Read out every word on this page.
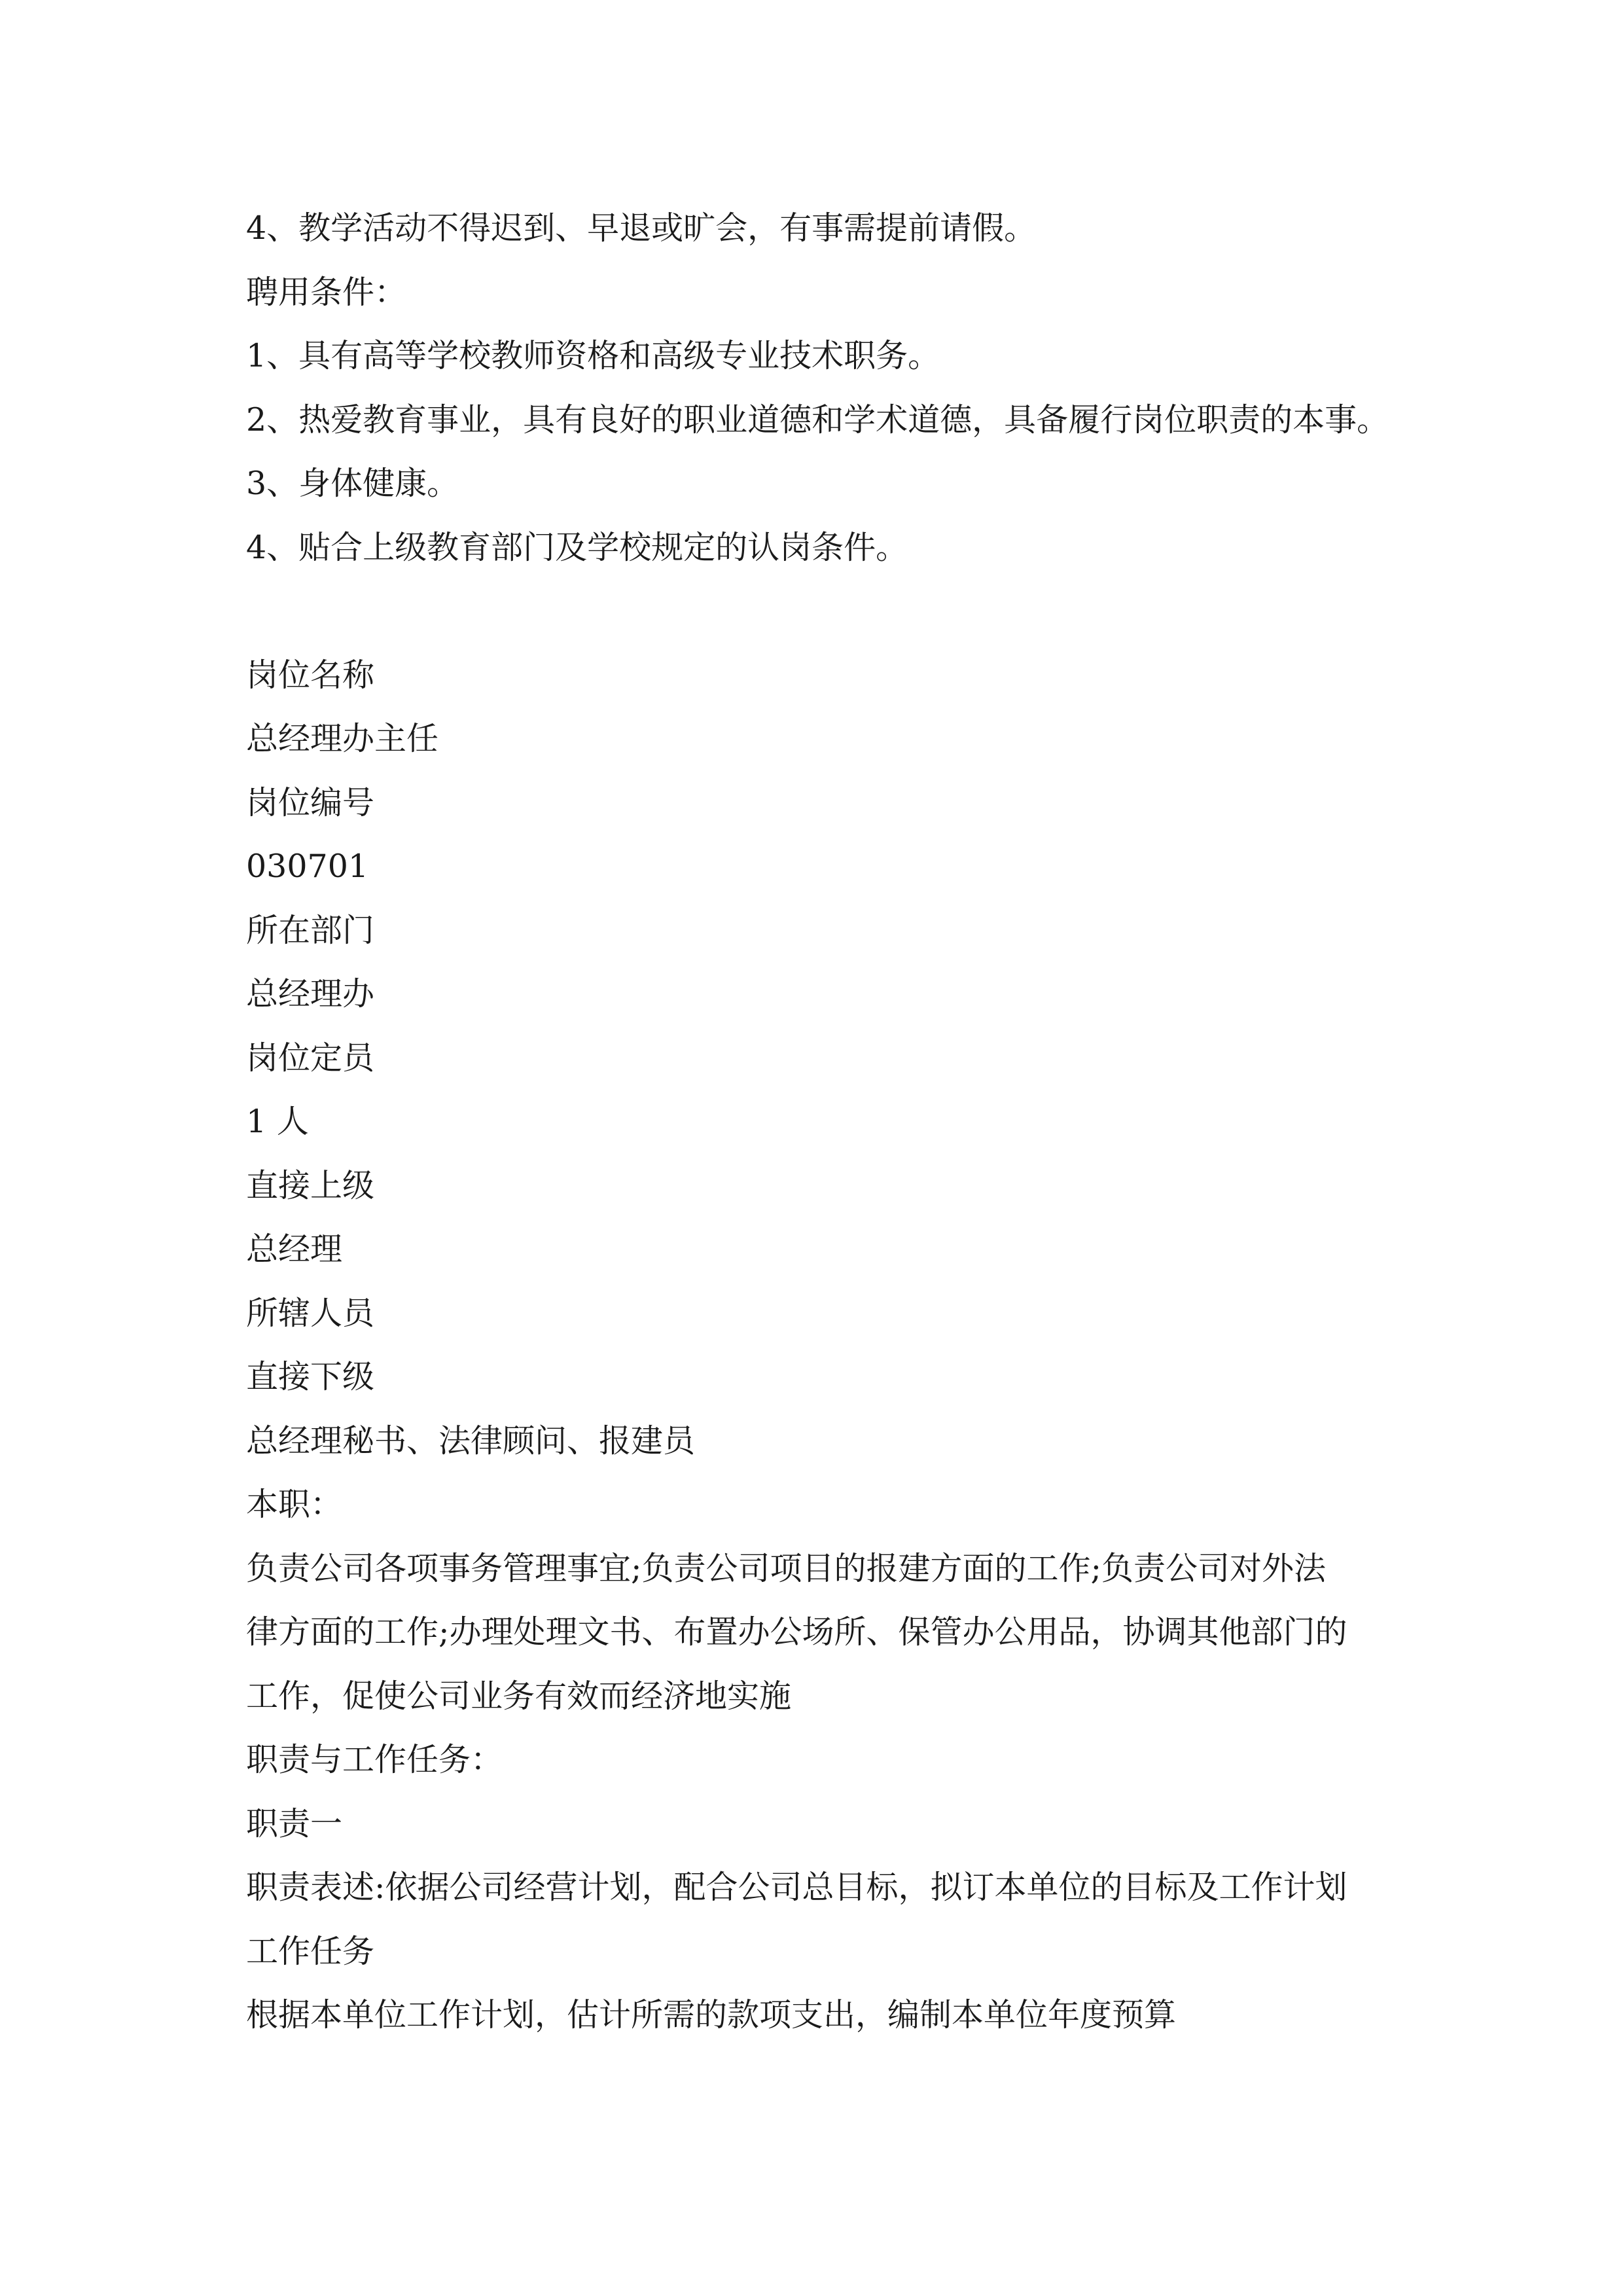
4、教学活动不得迟到、早退或旷会，有事需提前请假。
聘用条件：
1、具有高等学校教师资格和高级专业技术职务。
2、热爱教育事业，具有良好的职业道德和学术道德，具备履行岗位职责的本事。
3、身体健康。
4、贴合上级教育部门及学校规定的认岗条件。
岗位名称
总经理办主任
岗位编号
030701
所在部门
总经理办
岗位定员
1 人
直接上级
总经理
所辖人员
直接下级
总经理秘书、法律顾问、报建员
本职：
负责公司各项事务管理事宜;负责公司项目的报建方面的工作;负责公司对外法
律方面的工作;办理处理文书、布置办公场所、保管办公用品，协调其他部门的
工作，促使公司业务有效而经济地实施
职责与工作任务：
职责一
职责表述:依据公司经营计划，配合公司总目标，拟订本单位的目标及工作计划
工作任务
根据本单位工作计划，估计所需的款项支出，编制本单位年度预算
